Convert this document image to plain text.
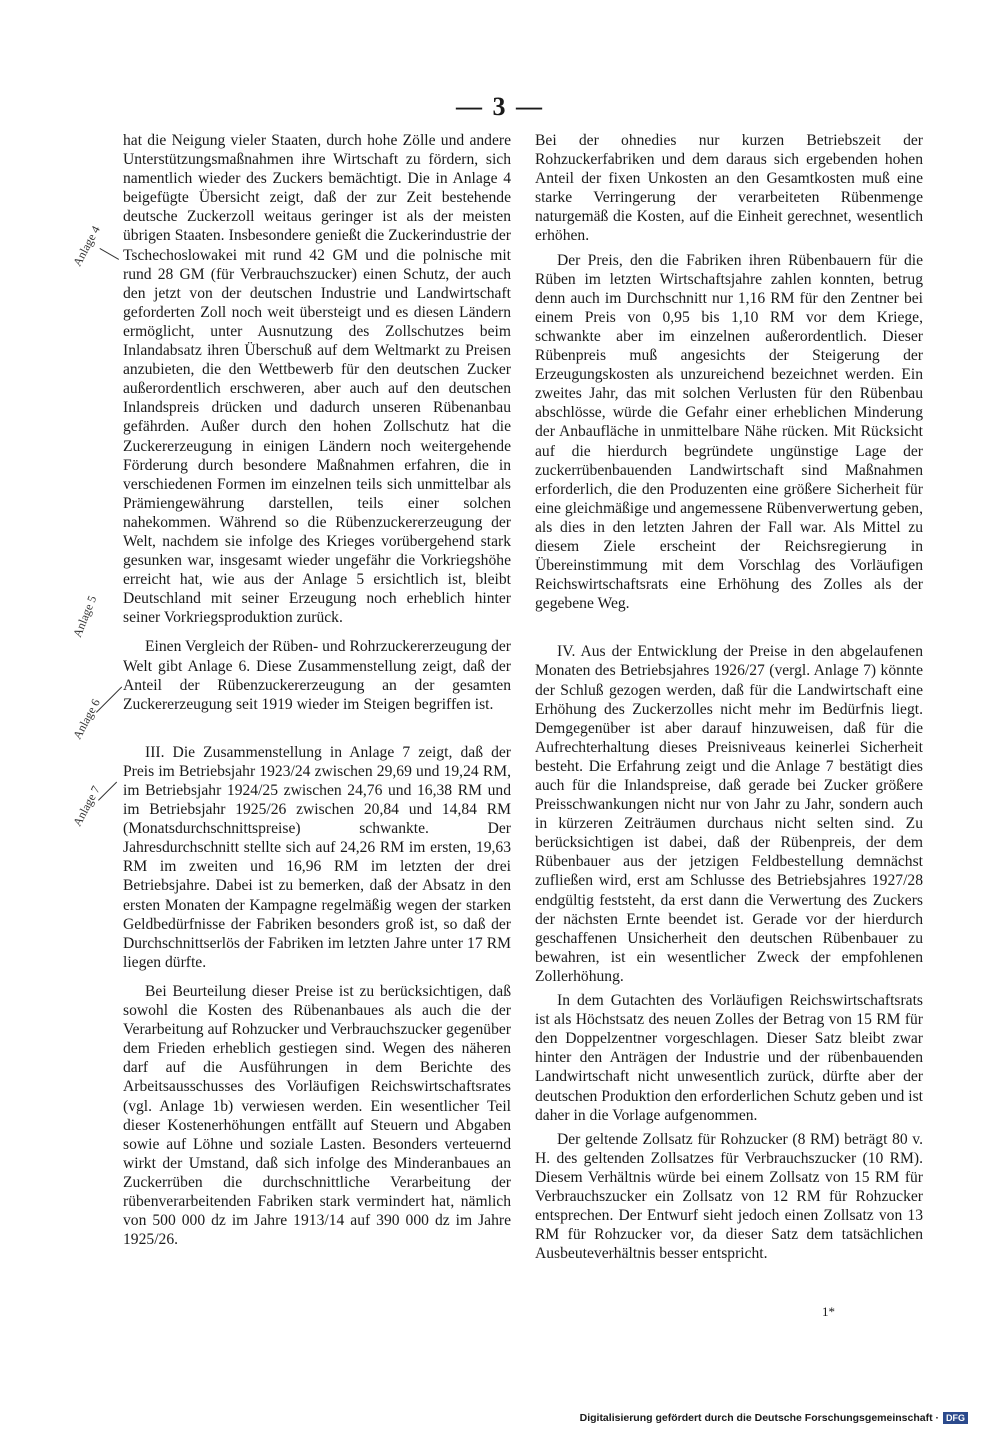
— 3 —
Anlage 4
Anlage 5
Anlage 6
Anlage 7

hat die Neigung vieler Staaten, durch hohe Zölle und andere Unterstützungsmaßnahmen ihre Wirtschaft zu fördern, sich namentlich wieder des Zuckers bemächtigt. Die in Anlage 4 beigefügte Übersicht zeigt, daß der zur Zeit bestehende deutsche Zuckerzoll weitaus geringer ist als der meisten übrigen Staaten. Insbesondere genießt die Zuckerindustrie der Tschechoslowakei mit rund 42 GM und die polnische mit rund 28 GM (für Verbrauchszucker) einen Schutz, der auch den jetzt von der deutschen Industrie und Landwirtschaft geforderten Zoll noch weit übersteigt und es diesen Ländern ermöglicht, unter Ausnutzung des Zollschutzes beim Inlandabsatz ihren Überschuß auf dem Weltmarkt zu Preisen anzubieten, die den Wettbewerb für den deutschen Zucker außerordentlich erschweren, aber auch auf den deutschen Inlandspreis drücken und dadurch unseren Rübenanbau gefährden. Außer durch den hohen Zollschutz hat die Zuckererzeugung in einigen Ländern noch weitergehende Förderung durch besondere Maßnahmen erfahren, die in verschiedenen Formen im einzelnen teils sich unmittelbar als Prämiengewährung darstellen, teils einer solchen nahekommen. Während so die Rübenzuckererzeugung der Welt, nachdem sie infolge des Krieges vorübergehend stark gesunken war, insgesamt wieder ungefähr die Vorkriegshöhe erreicht hat, wie aus der Anlage 5 ersichtlich ist, bleibt Deutschland mit seiner Erzeugung noch erheblich hinter seiner Vorkriegsproduktion zurück.

Einen Vergleich der Rüben- und Rohrzuckererzeugung der Welt gibt Anlage 6. Diese Zusammenstellung zeigt, daß der Anteil der Rübenzuckererzeugung an der gesamten Zuckererzeugung seit 1919 wieder im Steigen begriffen ist.

III. Die Zusammenstellung in Anlage 7 zeigt, daß der Preis im Betriebsjahr 1923/24 zwischen 29,69 und 19,24 RM, im Betriebsjahr 1924/25 zwischen 24,76 und 16,38 RM und im Betriebsjahr 1925/26 zwischen 20,84 und 14,84 RM (Monatsdurchschnittspreise) schwankte. Der Jahresdurchschnitt stellte sich auf 24,26 RM im ersten, 19,63 RM im zweiten und 16,96 RM im letzten der drei Betriebsjahre. Dabei ist zu bemerken, daß der Absatz in den ersten Monaten der Kampagne regelmäßig wegen der starken Geldbedürfnisse der Fabriken besonders groß ist, so daß der Durchschnittserlös der Fabriken im letzten Jahre unter 17 RM liegen dürfte.

Bei Beurteilung dieser Preise ist zu berücksichtigen, daß sowohl die Kosten des Rübenanbaues als auch die der Verarbeitung auf Rohzucker und Verbrauchszucker gegenüber dem Frieden erheblich gestiegen sind. Wegen des näheren darf auf die Ausführungen in dem Berichte des Arbeitsausschusses des Vorläufigen Reichswirtschaftsrates (vgl. Anlage 1b) verwiesen werden. Ein wesentlicher Teil dieser Kostenerhöhungen entfällt auf Steuern und Abgaben sowie auf Löhne und soziale Lasten. Besonders verteuernd wirkt der Umstand, daß sich infolge des Minderanbaues an Zuckerrüben die durchschnittliche Verarbeitung der rübenverarbeitenden Fabriken stark vermindert hat, nämlich von 500 000 dz im Jahre 1913/14 auf 390 000 dz im Jahre 1925/26.

Bei der ohnedies nur kurzen Betriebszeit der Rohzuckerfabriken und dem daraus sich ergebenden hohen Anteil der fixen Unkosten an den Gesamtkosten muß eine starke Verringerung der verarbeiteten Rübenmenge naturgemäß die Kosten, auf die Einheit gerechnet, wesentlich erhöhen.

Der Preis, den die Fabriken ihren Rübenbauern für die Rüben im letzten Wirtschaftsjahre zahlen konnten, betrug denn auch im Durchschnitt nur 1,16 RM für den Zentner bei einem Preis von 0,95 bis 1,10 RM vor dem Kriege, schwankte aber im einzelnen außerordentlich. Dieser Rübenpreis muß angesichts der Steigerung der Erzeugungskosten als unzureichend bezeichnet werden. Ein zweites Jahr, das mit solchen Verlusten für den Rübenbau abschlösse, würde die Gefahr einer erheblichen Minderung der Anbaufläche in unmittelbare Nähe rücken. Mit Rücksicht auf die hierdurch begründete ungünstige Lage der zuckerrübenbauenden Landwirtschaft sind Maßnahmen erforderlich, die den Produzenten eine größere Sicherheit für eine gleichmäßige und angemessene Rübenverwertung geben, als dies in den letzten Jahren der Fall war. Als Mittel zu diesem Ziele erscheint der Reichsregierung in Übereinstimmung mit dem Vorschlag des Vorläufigen Reichswirtschaftsrats eine Erhöhung des Zolles als der gegebene Weg.

IV. Aus der Entwicklung der Preise in den abgelaufenen Monaten des Betriebsjahres 1926/27 (vergl. Anlage 7) könnte der Schluß gezogen werden, daß für die Landwirtschaft eine Erhöhung des Zuckerzolles nicht mehr im Bedürfnis liegt. Demgegenüber ist aber darauf hinzuweisen, daß für die Aufrechterhaltung dieses Preisniveaus keinerlei Sicherheit besteht. Die Erfahrung zeigt und die Anlage 7 bestätigt dies auch für die Inlandspreise, daß gerade bei Zucker größere Preisschwankungen nicht nur von Jahr zu Jahr, sondern auch in kürzeren Zeiträumen durchaus nicht selten sind. Zu berücksichtigen ist dabei, daß der Rübenpreis, der dem Rübenbauer aus der jetzigen Feldbestellung demnächst zufließen wird, erst am Schlusse des Betriebsjahres 1927/28 endgültig feststeht, da erst dann die Verwertung des Zuckers der nächsten Ernte beendet ist. Gerade vor der hierdurch geschaffenen Unsicherheit den deutschen Rübenbauer zu bewahren, ist ein wesentlicher Zweck der empfohlenen Zollerhöhung.

In dem Gutachten des Vorläufigen Reichswirtschaftsrats ist als Höchstsatz des neuen Zolles der Betrag von 15 RM für den Doppelzentner vorgeschlagen. Dieser Satz bleibt zwar hinter den Anträgen der Industrie und der rübenbauenden Landwirtschaft nicht unwesentlich zurück, dürfte aber der deutschen Produktion den erforderlichen Schutz geben und ist daher in die Vorlage aufgenommen.

Der geltende Zollsatz für Rohzucker (8 RM) beträgt 80 v. H. des geltenden Zollsatzes für Verbrauchszucker (10 RM). Diesem Verhältnis würde bei einem Zollsatz von 15 RM für Verbrauchszucker ein Zollsatz von 12 RM für Rohzucker entsprechen. Der Entwurf sieht jedoch einen Zollsatz von 13 RM für Rohzucker vor, da dieser Satz dem tatsächlichen Ausbeuteverhältnis besser entspricht.

1*
Digitalisierung gefördert durch die Deutsche Forschungsgemeinschaft · DFG
